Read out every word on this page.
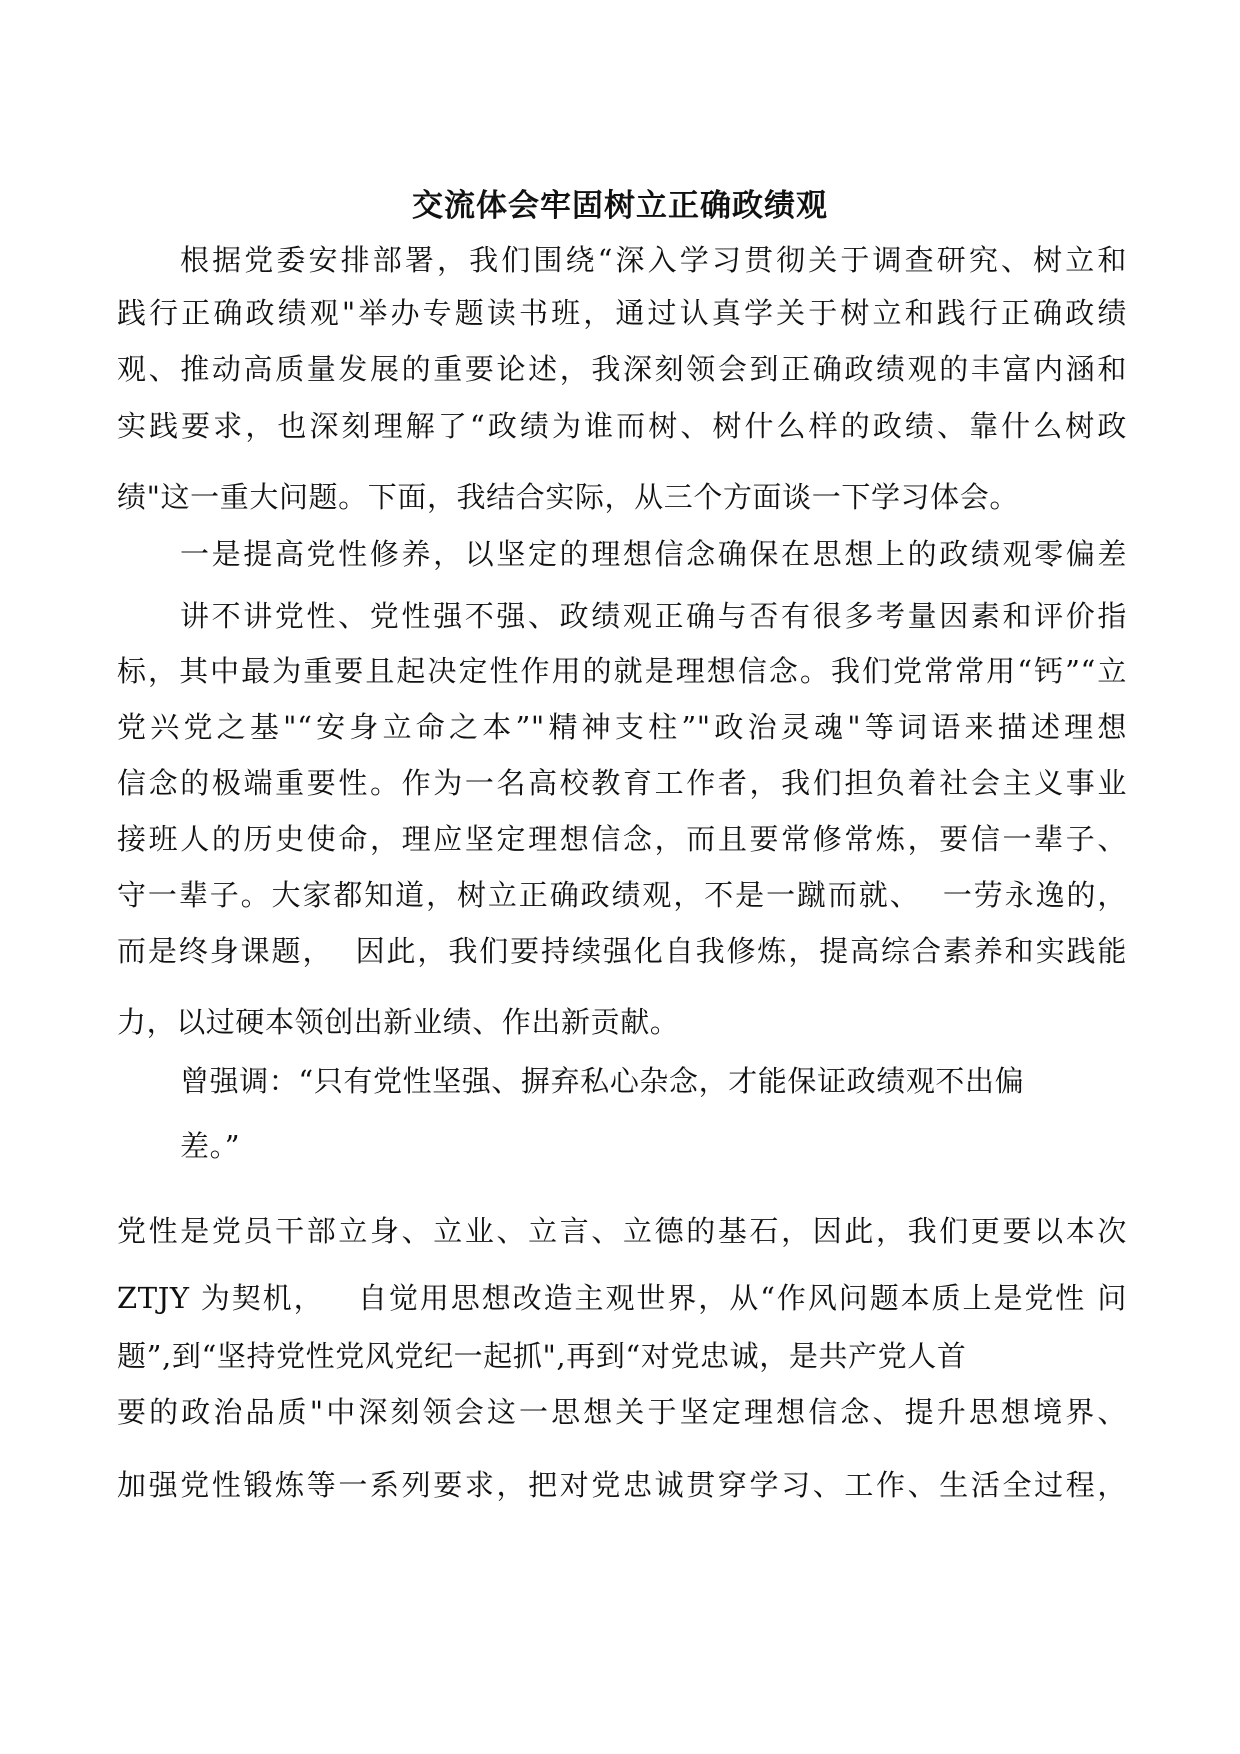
交流体会牢固树立正确政绩观
根据党委安排部署，我们围绕“深入学习贯彻关于调查研究、树立和
践行正确政绩观"举办专题读书班，通过认真学关于树立和践行正确政绩
观、推动高质量发展的重要论述，我深刻领会到正确政绩观的丰富内涵和
实践要求，也深刻理解了“政绩为谁而树、树什么样的政绩、靠什么树政
绩"这一重大问题。下面，我结合实际，从三个方面谈一下学习体会。
一是提高党性修养，以坚定的理想信念确保在思想上的政绩观零偏差
讲不讲党性、党性强不强、政绩观正确与否有很多考量因素和评价指
标，其中最为重要且起决定性作用的就是理想信念。我们党常常用“钙”“立
党兴党之基"“安身立命之本”"精神支柱”"政治灵魂"等词语来描述理想
信念的极端重要性。作为一名高校教育工作者，我们担负着社会主义事业
接班人的历史使命，理应坚定理想信念，而且要常修常炼，要信一辈子、
守一辈子。大家都知道，树立正确政绩观，不是一蹴而就、  一劳永逸的，
而是终身课题，  因此，我们要持续强化自我修炼，提高综合素养和实践能
力，以过硬本领创出新业绩、作出新贡献。
曾强调：“只有党性坚强、摒弃私心杂念，才能保证政绩观不出偏
差。”
党性是党员干部立身、立业、立言、立德的基石，因此，我们更要以本次
ZTJY 为契机，   自觉用思想改造主观世界，从“作风问题本质上是党性 问
题”,到“坚持党性党风党纪一起抓",再到“对党忠诚，是共产党人首
要的政治品质"中深刻领会这一思想关于坚定理想信念、提升思想境界、
加强党性锻炼等一系列要求，把对党忠诚贯穿学习、工作、生活全过程，
